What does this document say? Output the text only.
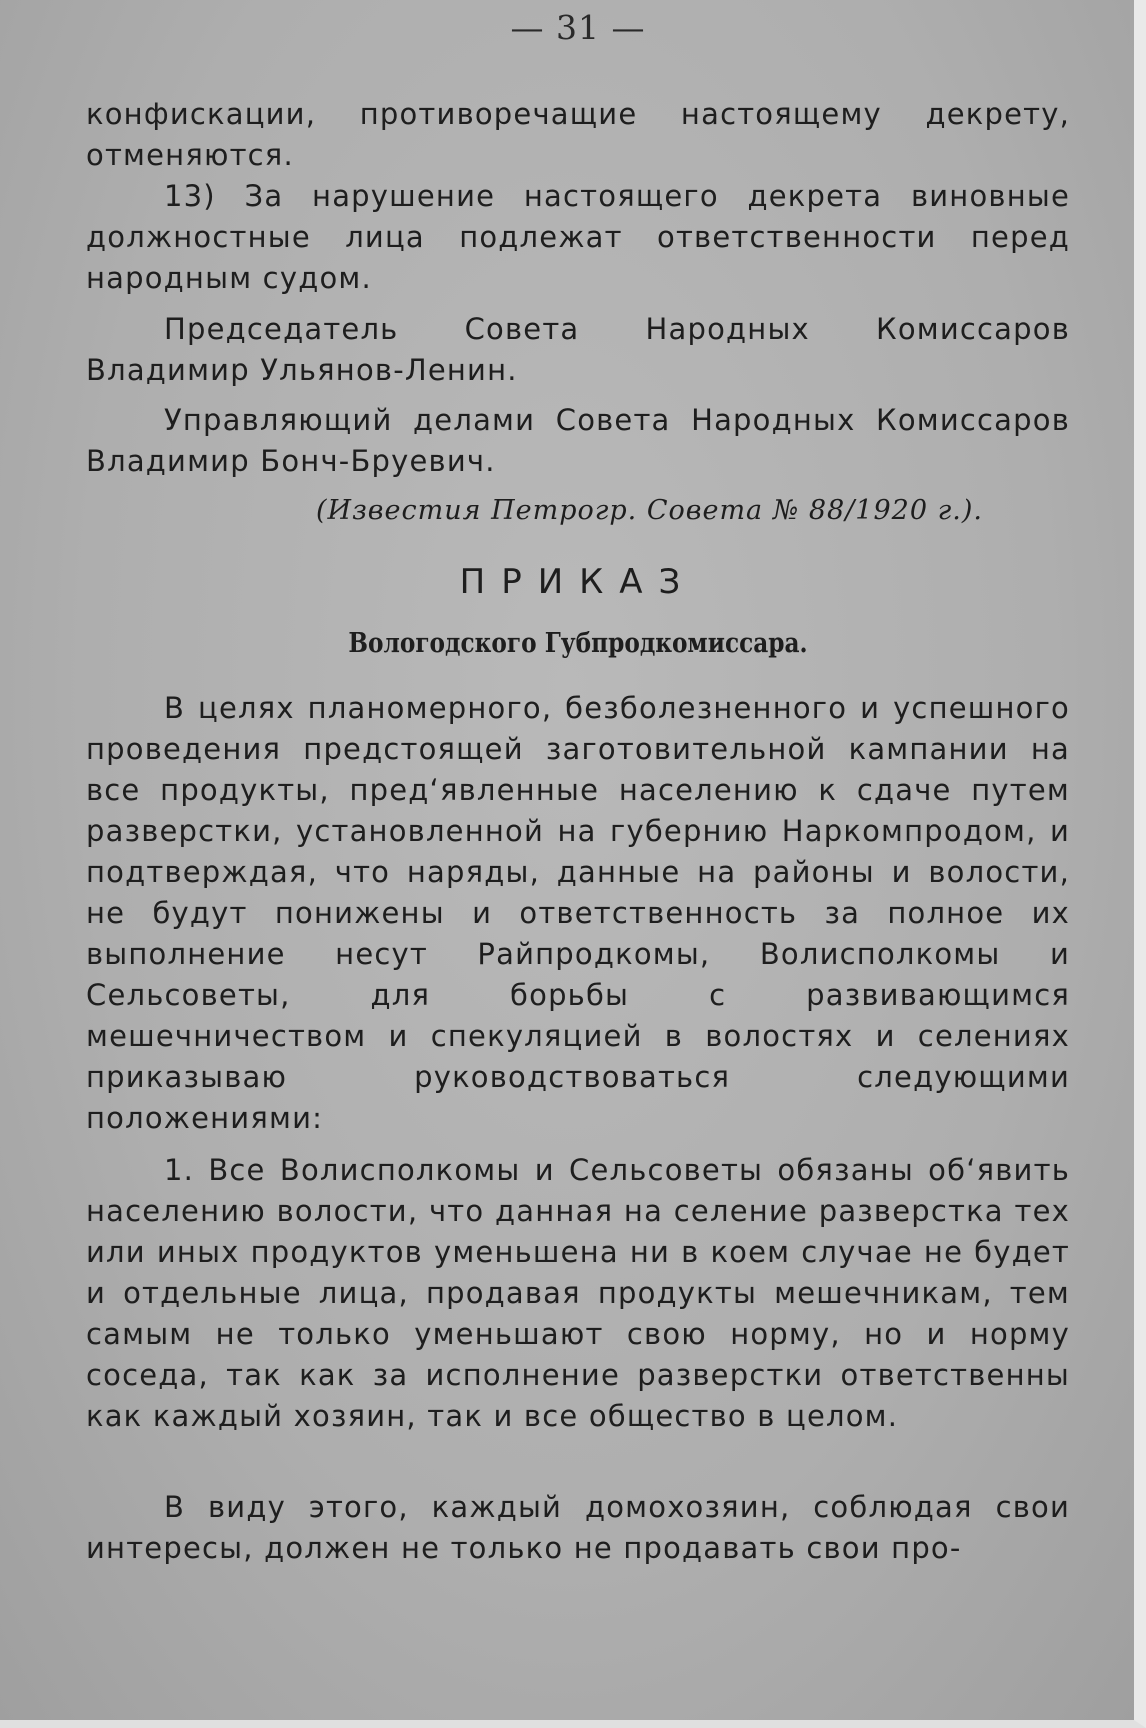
— 31 —

конфискации, противоречащие настоящему декрету, отменяются.

13) За нарушение настоящего декрета виновные должностные лица подлежат ответственности перед народным судом.

Председатель Совета Народных Комиссаров Владимир Ульянов-Ленин.

Управляющий делами Совета Народных Комиссаров Владимир Бонч-Бруевич.

(Известия Петрогр. Совета № 88/1920 г.).
ПРИКАЗ
Вологодского Губпродкомиссара.

В целях планомерного, безболезненного и успешного проведения предстоящей заготовительной кампании на все продукты, пред‘явленные населению к сдаче путем разверстки, установленной на губернию Наркомпродом, и подтверждая, что наряды, данные на районы и волости, не будут понижены и ответственность за полное их выполнение несут Райпродкомы, Волисполкомы и Сельсоветы, для борьбы с развивающимся мешечничеством и спекуляцией в волостях и селениях приказываю руководствоваться следующими положениями:

1. Все Волисполкомы и Сельсоветы обязаны об‘явить населению волости, что данная на селение разверстка тех или иных продуктов уменьшена ни в коем случае не будет и отдельные лица, продавая продукты мешечникам, тем самым не только уменьшают свою норму, но и норму соседа, так как за исполнение разверстки ответственны как каждый хозяин, так и все общество в целом.

В виду этого, каждый домохозяин, соблюдая свои интересы, должен не только не продавать свои про-
